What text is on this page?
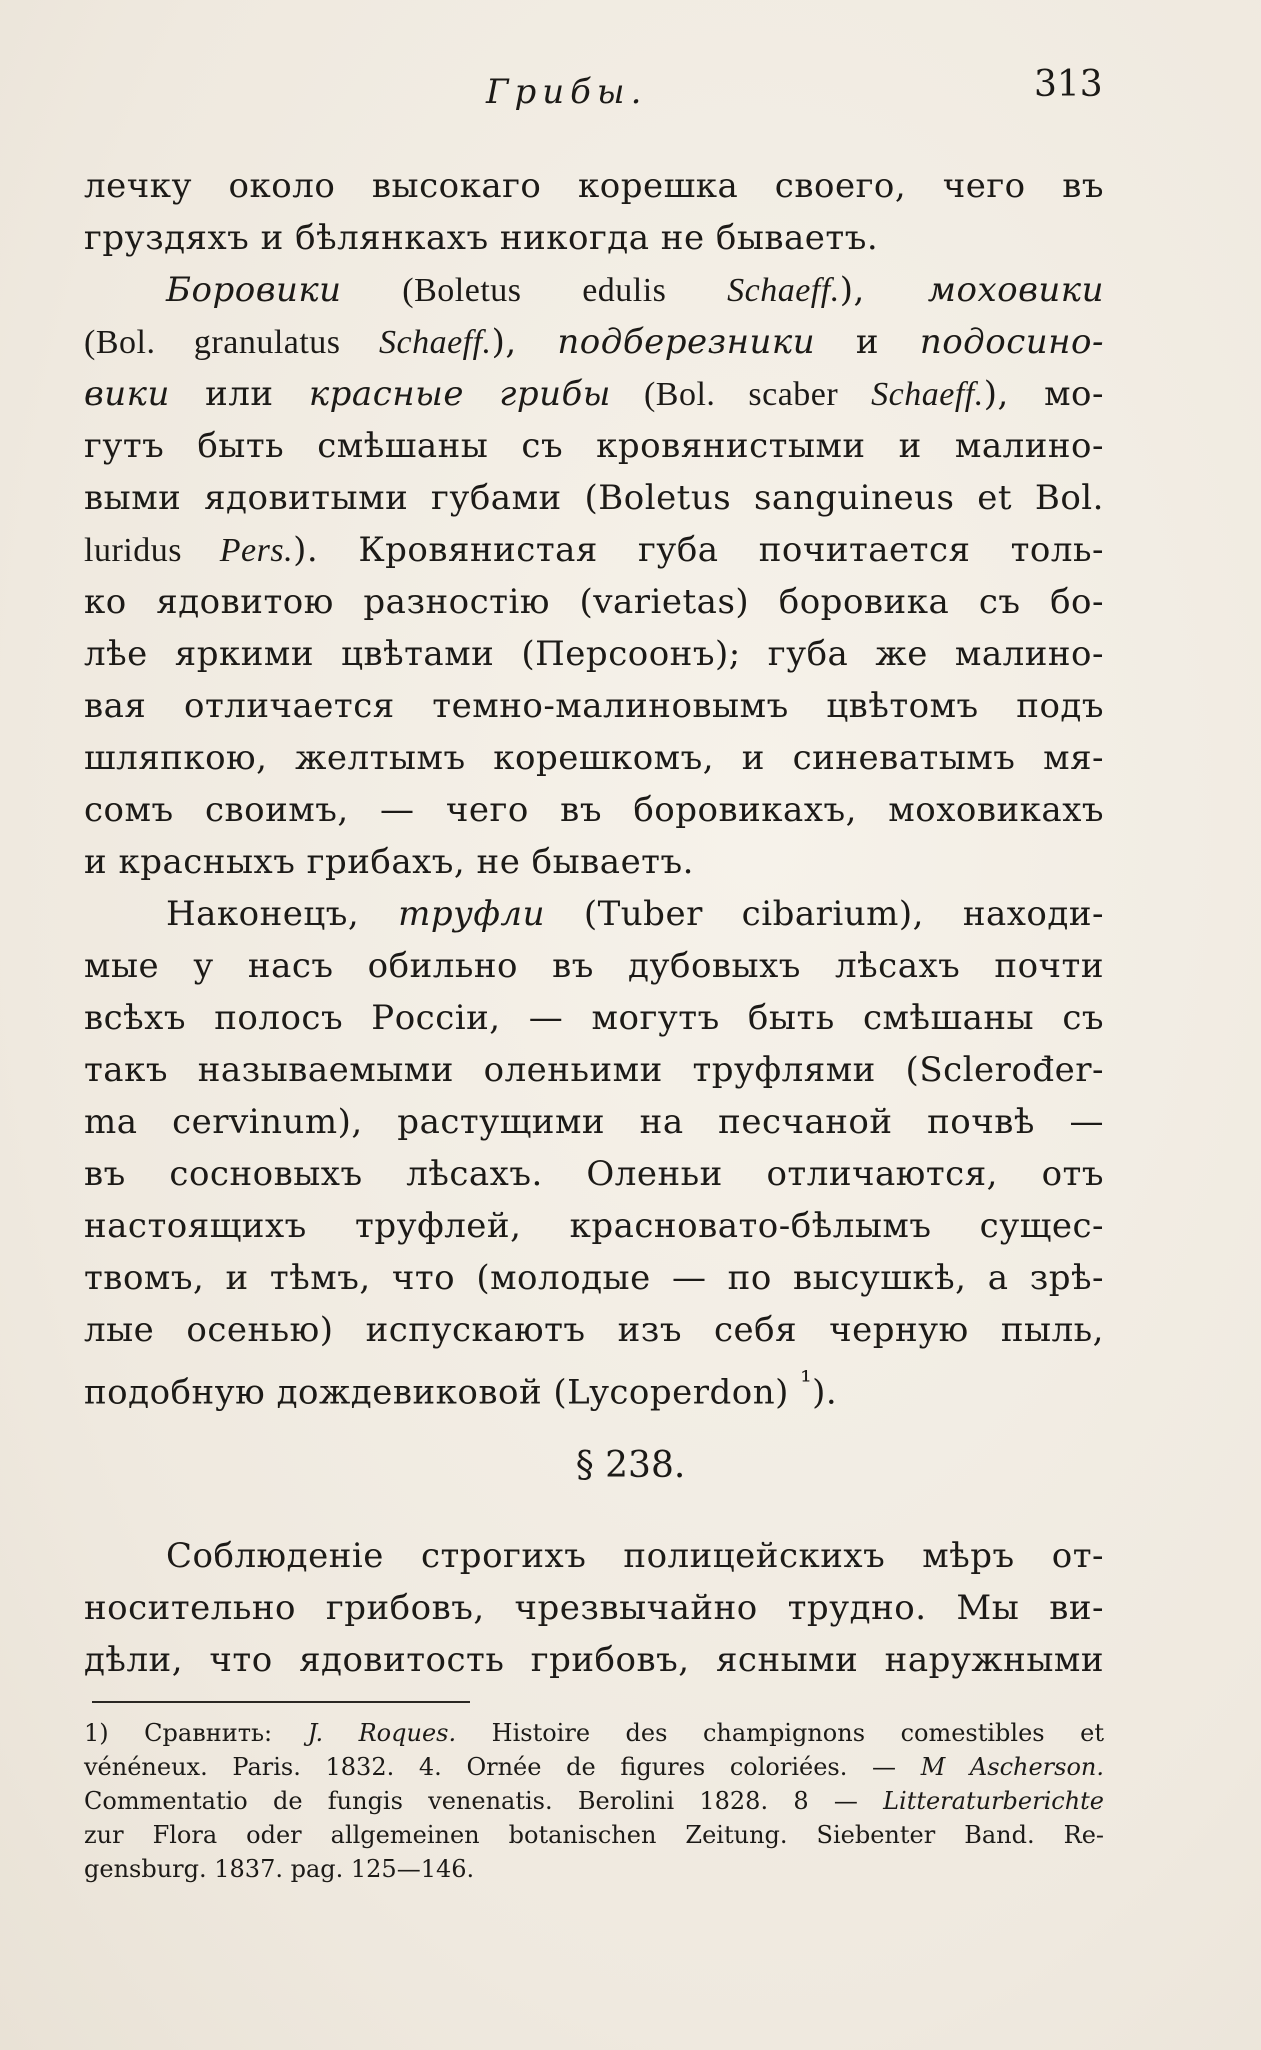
Грибы.	313
лечку около высокаго корешка своего, чего въ
груздяхъ и бѣлянкахъ никогда не бываетъ.
Боровики (Boletus edulis Schaeff.), моховики
(Bol. granulatus Schaeff.), подберезники и подосино-
вики или красные грибы (Bol. scaber Schaeff.), мо-
гутъ быть смѣшаны съ кровянистыми и малино-
выми ядовитыми губами (Boletus sanguineus et Bol.
luridus Pers.). Кровянистая губа почитается толь-
ко ядовитою разностію (varietas) боровика съ бо-
лѣе яркими цвѣтами (Персоонъ); губа же малино-
вая отличается темно-малиновымъ цвѣтомъ подъ
шляпкою, желтымъ корешкомъ, и синеватымъ мя-
сомъ своимъ, — чего въ боровикахъ, моховикахъ
и красныхъ грибахъ, не бываетъ.
Наконецъ, труфли (Tuber cibarium), находи-
мые у насъ обильно въ дубовыхъ лѣсахъ почти
всѣхъ полосъ Россіи, — могутъ быть смѣшаны съ
такъ называемыми оленьими труфлями (Sclerođer-
ma cervinum), растущими на песчаной почвѣ —
въ сосновыхъ лѣсахъ. Оленьи отличаются, отъ
настоящихъ труфлей, красновато-бѣлымъ сущес-
твомъ, и тѣмъ, что (молодые — по высушкѣ, а зрѣ-
лые осенью) испускаютъ изъ себя черную пыль,
подобную дождевиковой (Lycoperdon) $^{^1}$).
§ 238.
Соблюденіе строгихъ полицейскихъ мѣръ от-
носительно грибовъ, чрезвычайно трудно. Мы ви-
дѣли, что ядовитость грибовъ, ясными наружными
1) Сравнить: J. Roques. Histoire des champignons comestibles et
vénéneux. Paris. 1832. 4. Ornée de figures coloriées. — M Ascherson.
Commentatio de fungis venenatis. Berolini 1828. 8 — Litteraturberichte
zur Flora oder allgemeinen botanischen Zeitung. Siebenter Band. Re-
gensburg. 1837. pag. 125—146.
